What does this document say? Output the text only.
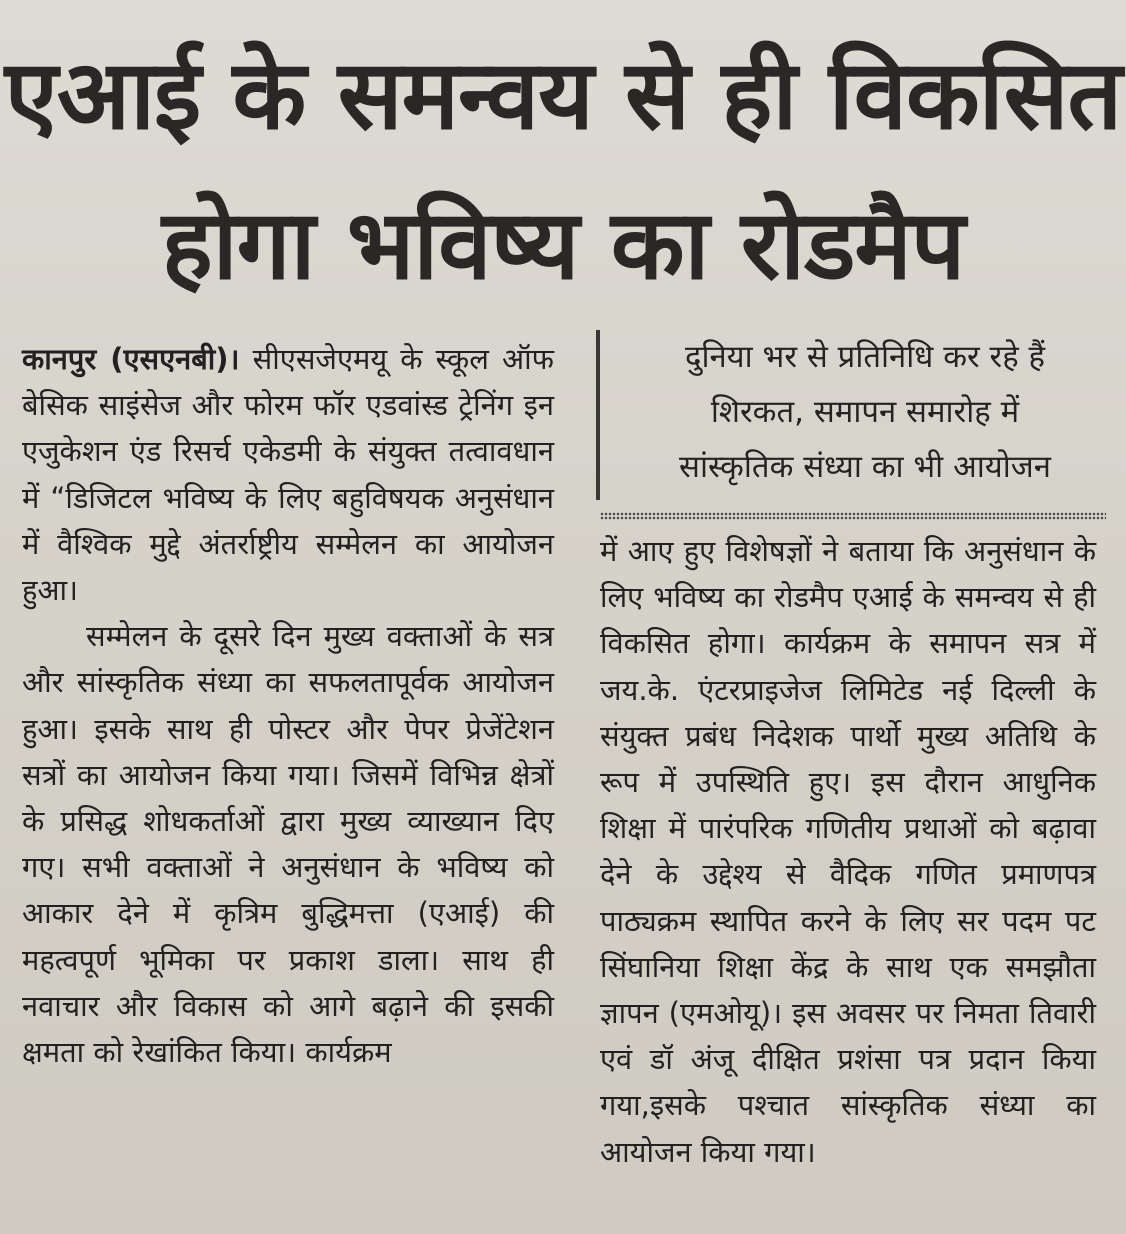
एआई के समन्वय से ही विकसित
होगा भविष्य का रोडमैप

कानपुर (एसएनबी)। सीएसजेएमयू के स्कूल ऑफ बेसिक साइंसेज और फोरम फॉर एडवांस्ड ट्रेनिंग इन एजुकेशन एंड रिसर्च एकेडमी के संयुक्त तत्वावधान में “डिजिटल भविष्य के लिए बहुविषयक अनुसंधान में वैश्विक मुद्दे अंतर्राष्ट्रीय सम्मेलन का आयोजन हुआ।

सम्मेलन के दूसरे दिन मुख्य वक्ताओं के सत्र और सांस्कृतिक संध्या का सफलतापूर्वक आयोजन हुआ। इसके साथ ही पोस्टर और पेपर प्रेजेंटेशन सत्रों का आयोजन किया गया। जिसमें विभिन्न क्षेत्रों के प्रसिद्ध शोधकर्ताओं द्वारा मुख्य व्याख्यान दिए गए। सभी वक्ताओं ने अनुसंधान के भविष्य को आकार देने में कृत्रिम बुद्धिमत्ता (एआई) की महत्वपूर्ण भूमिका पर प्रकाश डाला। साथ ही नवाचार और विकास को आगे बढ़ाने की इसकी क्षमता को रेखांकित किया। कार्यक्रम

दुनिया भर से प्रतिनिधि कर रहे हैं

शिरकत, समापन समारोह में

सांस्कृतिक संध्या का भी आयोजन

में आए हुए विशेषज्ञों ने बताया कि अनुसंधान के लिए भविष्य का रोडमैप एआई के समन्वय से ही विकसित होगा। कार्यक्रम के समापन सत्र में जय.के. एंटरप्राइजेज लिमिटेड नई दिल्ली के संयुक्त प्रबंध निदेशक पार्थो मुख्य अतिथि के रूप में उपस्थिति हुए। इस दौरान आधुनिक शिक्षा में पारंपरिक गणितीय प्रथाओं को बढ़ावा देने के उद्देश्य से वैदिक गणित प्रमाणपत्र पाठ्यक्रम स्थापित करने के लिए सर पदम पट सिंघानिया शिक्षा केंद्र के साथ एक समझौता ज्ञापन (एमओयू)। इस अवसर पर निमता तिवारी एवं डॉ अंजू दीक्षित प्रशंसा पत्र प्रदान किया गया,इसके पश्चात सांस्कृतिक संध्या का आयोजन किया गया।
